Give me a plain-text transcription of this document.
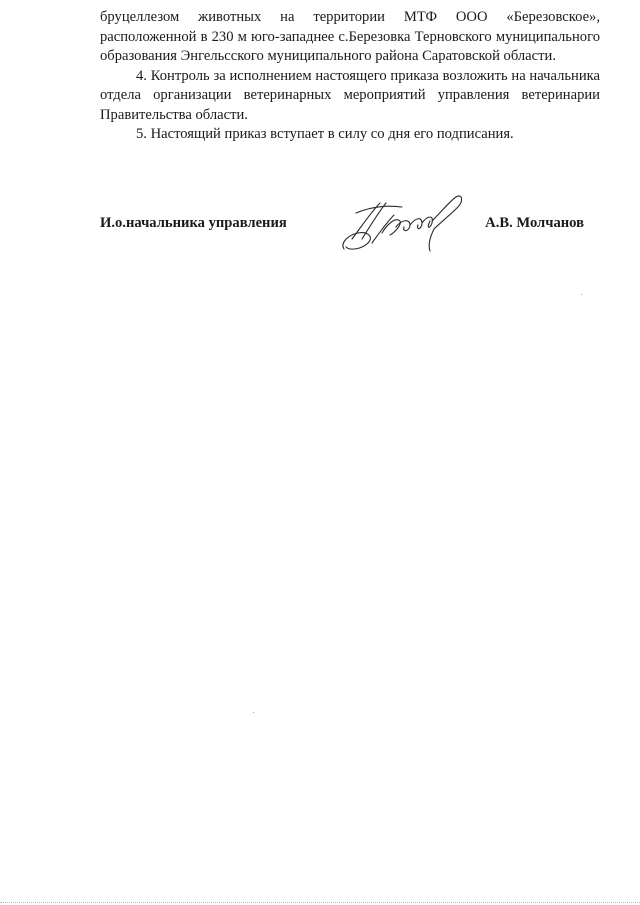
бруцеллезом животных на территории МТФ ООО «Березовское», расположенной в 230 м юго-западнее с.Березовка Терновского муниципального образования Энгельсского муниципального района Саратовской области.

4. Контроль за исполнением настоящего приказа возложить на начальника отдела организации ветеринарных мероприятий управления ветеринарии Правительства области.

5. Настоящий приказ вступает в силу со дня его подписания.

И.о.начальника управления	А.В. Молчанов
